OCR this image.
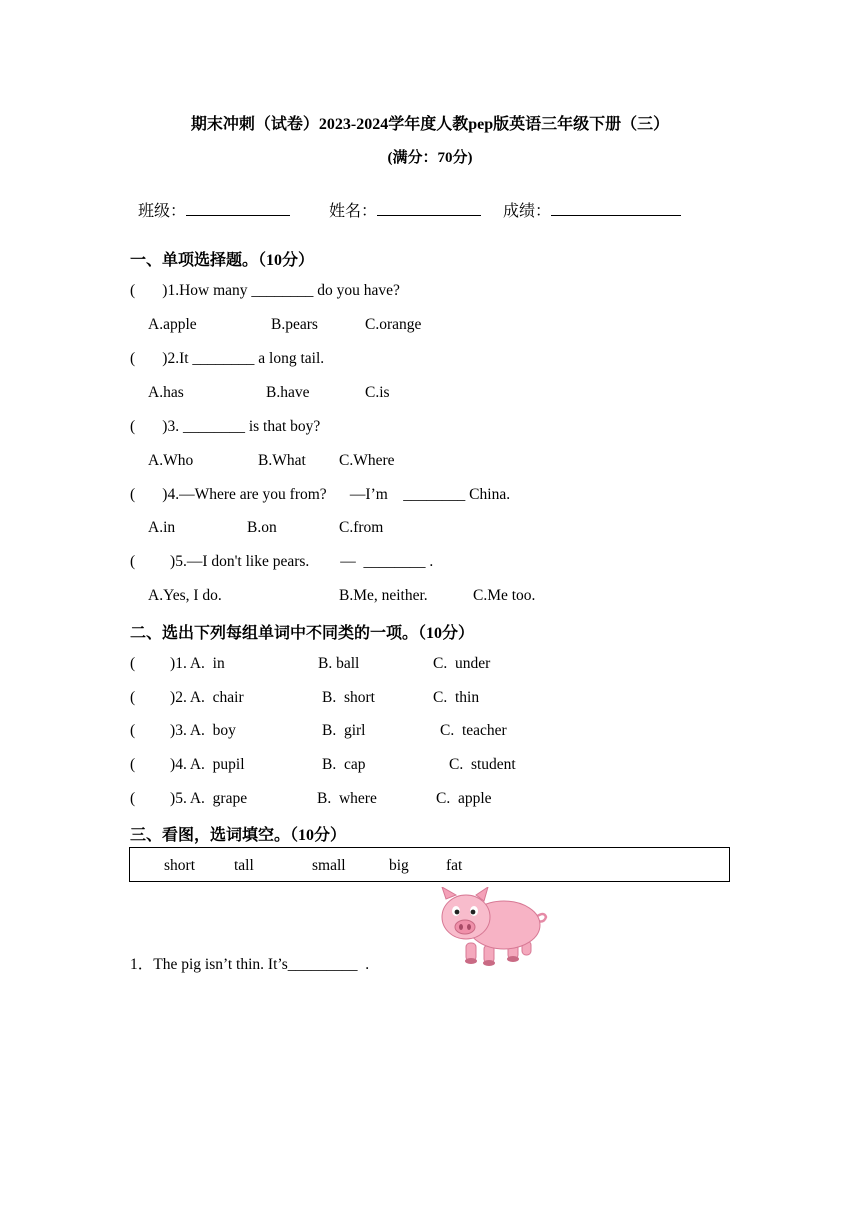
期末冲刺（试卷）2023-2024学年度人教pep版英语三年级下册（三）
(满分：70分)

班级：	姓名：	成绩：

一、单项选择题。（10分）
(       )1.How many ________ do you have?
A.apple	B.pears	C.orange
(       )2.It ________ a long tail.
A.has	B.have	C.is
(       )3. ________ is that boy?
A.Who	B.What C.Where
(       )4.—Where are you from?      —I’m    ________ China.
A.in	B.on	C.from
(         )5.—I don't like pears.        —  ________ .
A.Yes, I do.	B.Me, neither.	C.Me too.
二、选出下列每组单词中不同类的一项。（10分）
(         )1. A.  in	B. ball	C.  under
(         )2. A.  chair	B.  short	C.  thin
(         )3. A.  boy	B.  girl	C.  teacher
(         )4. A.  pupil	B.  cap	C.  student
(         )5. A.  grape	B.  where	C.  apple
三、看图，选词填空。（10分）
short	tall	small	big fat
1．The pig isn’t thin. It’s_________  .
